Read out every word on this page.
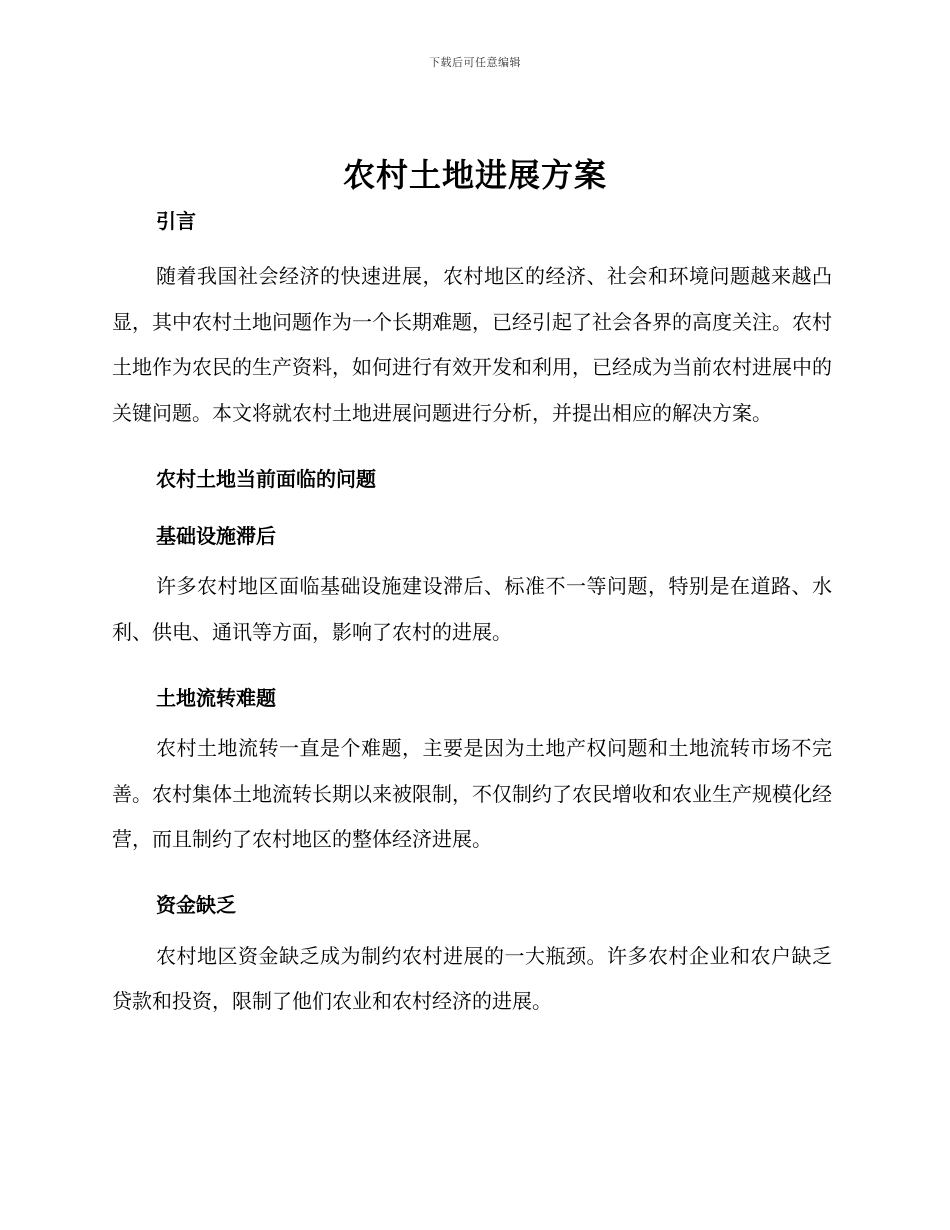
下载后可任意编辑
农村土地进展方案
引言

随着我国社会经济的快速进展，农村地区的经济、社会和环境问题越来越凸显，其中农村土地问题作为一个长期难题，已经引起了社会各界的高度关注。农村土地作为农民的生产资料，如何进行有效开发和利用，已经成为当前农村进展中的关键问题。本文将就农村土地进展问题进行分析，并提出相应的解决方案。

农村土地当前面临的问题
基础设施滞后

许多农村地区面临基础设施建设滞后、标准不一等问题，特别是在道路、水利、供电、通讯等方面，影响了农村的进展。

土地流转难题

农村土地流转一直是个难题，主要是因为土地产权问题和土地流转市场不完善。农村集体土地流转长期以来被限制，不仅制约了农民增收和农业生产规模化经营，而且制约了农村地区的整体经济进展。

资金缺乏

农村地区资金缺乏成为制约农村进展的一大瓶颈。许多农村企业和农户缺乏贷款和投资，限制了他们农业和农村经济的进展。
